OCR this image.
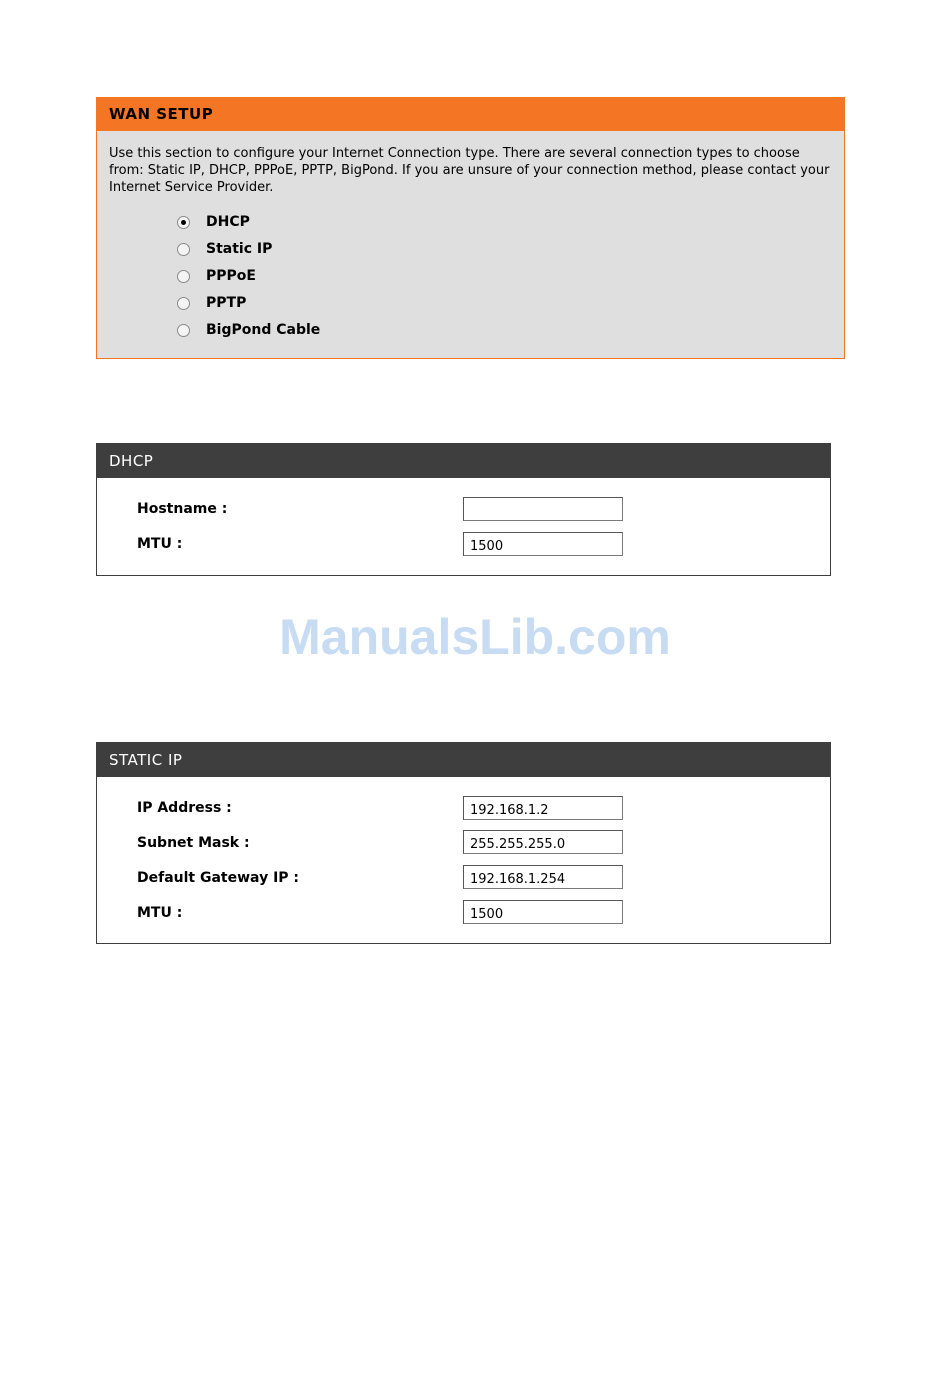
WAN SETUP
Use this section to configure your Internet Connection type. There are several connection types to choose from: Static IP, DHCP, PPPoE, PPTP, BigPond. If you are unsure of your connection method, please contact your Internet Service Provider.
DHCP
Static IP
PPPoE
PPTP
BigPond Cable
DHCP
Hostname :
MTU :
1500
ManualsLib.com
STATIC IP
IP Address :
192.168.1.2
Subnet Mask :
255.255.255.0
Default Gateway IP :
192.168.1.254
MTU :
1500
